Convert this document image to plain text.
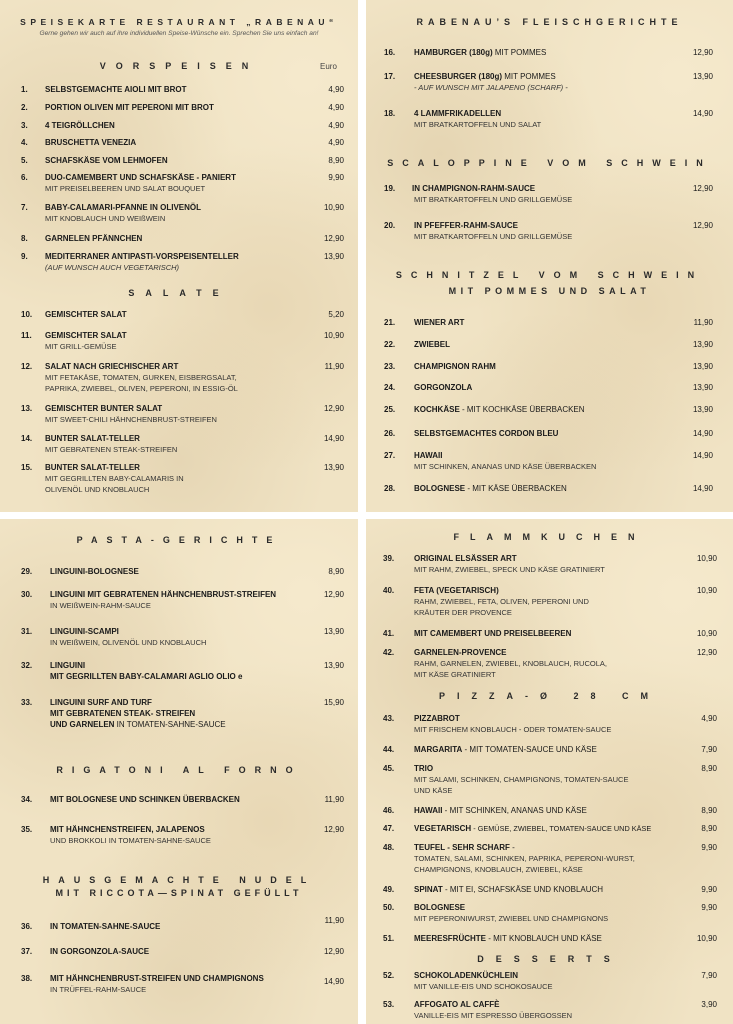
SPEISEKARTE RESTAURANT „RABENAU“
Gerne gehen wir auch auf ihre individuellen Speise-Wünsche ein. Sprechen Sie uns einfach an!
VORSPEISEN	Euro
1. SELBSTGEMACHTE AIOLI MIT BROT	4,90
2. PORTION OLIVEN MIT PEPERONI MIT BROT	4,90
3. 4 TEIGRÖLLCHEN	4,90
4. BRUSCHETTA VENEZIA	4,90
5. SCHAFSKÄSE VOM LEHMOFEN	8,90
6. DUO-CAMEMBERT UND SCHAFSKÄSE - PANIERT
MIT PREISELBEEREN UND SALAT BOUQUET
9,90
7. BABY-CALAMARI-PFANNE IN OLIVENÖL
MIT KNOBLAUCH UND WEIßWEIN
10,90
8. GARNELEN PFÄNNCHEN	12,90
9. MEDITERRANER ANTIPASTI-VORSPEISENTELLER
(AUF WUNSCH AUCH VEGETARISCH)
13,90
SALATE
10. GEMISCHTER SALAT	5,20
11. GEMISCHTER SALAT
MIT GRILL-GEMÜSE
10,90
12. SALAT NACH GRIECHISCHER ART
MIT FETAKÄSE, TOMATEN, GURKEN, EISBERGSALAT,
PAPRIKA, ZWIEBEL, OLIVEN, PEPERONI, IN ESSIG-ÖL
11,90
13. GEMISCHTER BUNTER SALAT
MIT SWEET-CHILI HÄHNCHENBRUST-STREIFEN
12,90
14. BUNTER SALAT-TELLER
MIT GEBRATENEN STEAK-STREIFEN
14,90
15. BUNTER SALAT-TELLER
MIT GEGRILLTEN BABY-CALAMARIS IN
OLIVENÖL UND KNOBLAUCH
13,90
RABENAU’S FLEISCHGERICHTE
16. HAMBURGER (180g) MIT POMMES	12,90
17. CHEESBURGER (180g) MIT POMMES
- AUF WUNSCH MIT JALAPENO (SCHARF) -
13,90
18. 4 LAMMFRIKADELLEN
MIT BRATKARTOFFELN UND SALAT
14,90
SCALOPPINE VOM SCHWEIN
19. IN CHAMPIGNON-RAHM-SAUCE
MIT BRATKARTOFFELN UND GRILLGEMÜSE
12,90
20. IN PFEFFER-RAHM-SAUCE
MIT BRATKARTOFFELN UND GRILLGEMÜSE
12,90
SCHNITZEL VOM SCHWEIN
MIT POMMES UND SALAT
21. WIENER ART	11,90
22. ZWIEBEL	13,90
23. CHAMPIGNON RAHM	13,90
24. GORGONZOLA	13,90
25. KOCHKÄSE - MIT KOCHKÄSE ÜBERBACKEN	13,90
26. SELBSTGEMACHTES CORDON BLEU	14,90
27. HAWAII
MIT SCHINKEN, ANANAS UND KÄSE ÜBERBACKEN
14,90
28. BOLOGNESE - MIT KÄSE ÜBERBACKEN	14,90
PASTA-GERICHTE
29. LINGUINI-BOLOGNESE	8,90
30. LINGUINI MIT GEBRATENEN HÄHNCHENBRUST-STREIFEN
IN WEIßWEIN-RAHM-SAUCE
12,90
31. LINGUINI-SCAMPI
IN WEIßWEIN, OLIVENÖL UND KNOBLAUCH
13,90
32. LINGUINI
MIT GEGRILLTEN BABY-CALAMARI AGLIO OLIO e
13,90
33. LINGUINI SURF AND TURF
MIT GEBRATENEN STEAK- STREIFEN
UND GARNELEN IN TOMATEN-SAHNE-SAUCE
15,90
RIGATONI AL FORNO
34. MIT BOLOGNESE UND SCHINKEN ÜBERBACKEN	11,90
35. MIT HÄHNCHENSTREIFEN, JALAPENOS
UND BROKKOLI IN TOMATEN-SAHNE-SAUCE
12,90
HAUSGEMACHTE NUDEL
MIT RICCOTA—SPINAT GEFÜLLT
36. IN TOMATEN-SAHNE-SAUCE
11,90
37. IN GORGONZOLA-SAUCE	12,90
38. MIT HÄHNCHENBRUST-STREIFEN UND CHAMPIGNONS
IN TRÜFFEL-RAHM-SAUCE
14,90
FLAMMKUCHEN
39. ORIGINAL ELSÄSSER ART
MIT RAHM, ZWIEBEL, SPECK UND KÄSE GRATINIERT
10,90
40. FETA (VEGETARISCH)
RAHM, ZWIEBEL, FETA, OLIVEN, PEPERONI UND
KRÄUTER DER PROVENCE
10,90
41. MIT CAMEMBERT UND PREISELBEEREN	10,90
42. GARNELEN-PROVENCE
RAHM, GARNELEN, ZWIEBEL, KNOBLAUCH, RUCOLA,
MIT KÄSE GRATINIERT
12,90
PIZZA-Ø 28 CM
43. PIZZABROT
MIT FRISCHEM KNOBLAUCH - ODER TOMATEN-SAUCE
4,90
44. MARGARITA - MIT TOMATEN-SAUCE UND KÄSE	7,90
45. TRIO
MIT SALAMI, SCHINKEN, CHAMPIGNONS, TOMATEN-SAUCE
UND KÄSE
8,90
46. HAWAII - MIT SCHINKEN, ANANAS UND KÄSE	8,90
47. VEGETARISCH - GEMÜSE, ZWIEBEL, TOMATEN-SAUCE UND KÄSE	8,90
48. TEUFEL - SEHR SCHARF -
TOMATEN, SALAMI, SCHINKEN, PAPRIKA, PEPERONI-WURST,
CHAMPIGNONS, KNOBLAUCH, ZWIEBEL, KÄSE
9,90
49. SPINAT - MIT EI, SCHAFSKÄSE UND KNOBLAUCH	9,90
50. BOLOGNESE
MIT PEPERONIWURST, ZWIEBEL UND CHAMPIGNONS
9,90
51. MEERESFRÜCHTE - MIT KNOBLAUCH UND KÄSE	10,90
DESSERTS
52. SCHOKOLADENKÜCHLEIN
MIT VANILLE-EIS UND SCHOKOSAUCE
7,90
53. AFFOGATO AL CAFFÈ
VANILLE-EIS MIT ESPRESSO ÜBERGOSSEN
3,90
